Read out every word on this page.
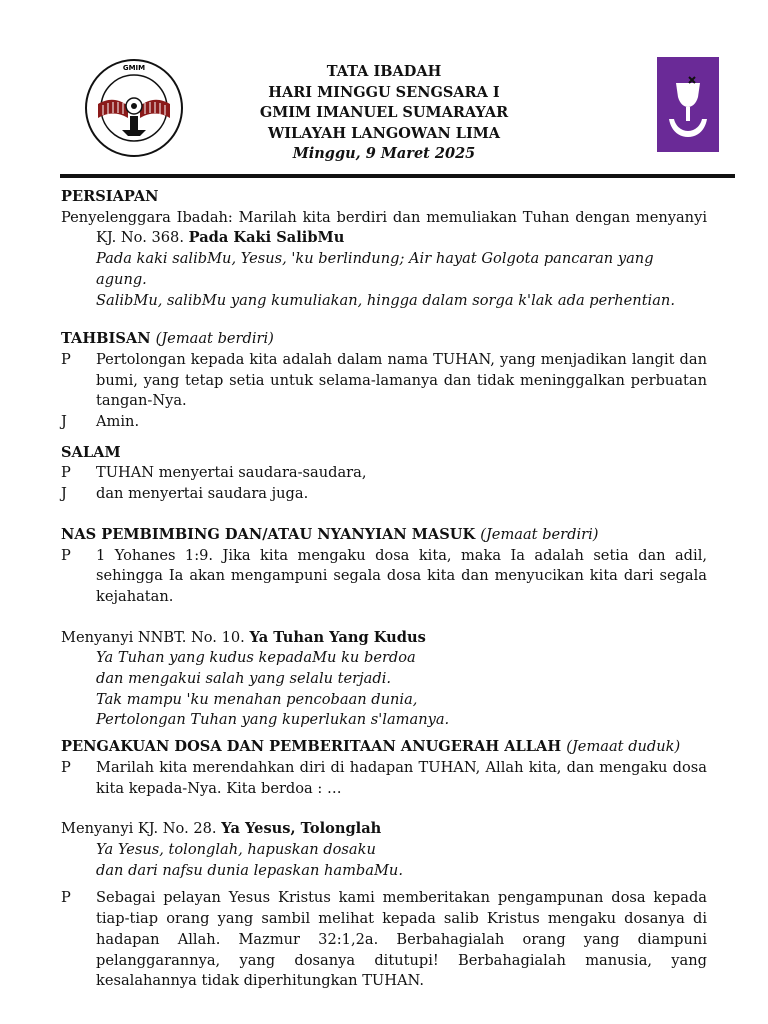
GMIM	TATA IBADAH
HARI MINGGU SENGSARA I
GMIM IMANUEL SUMARAYAR
WILAYAH LANGOWAN LIMA
Minggu, 9 Maret 2025
PERSIAPAN
Penyelenggara Ibadah: Marilah kita berdiri dan memuliakan Tuhan dengan menyanyi KJ. No. 368. Pada Kaki SalibMu
Pada kaki salibMu, Yesus, 'ku berlindung; Air hayat Golgota pancaran yang agung.
SalibMu, salibMu yang kumuliakan, hingga dalam sorga k'lak ada perhentian.
TAHBISAN (Jemaat berdiri)
P	Pertolongan kepada kita adalah dalam nama TUHAN, yang menjadikan langit dan bumi, yang tetap setia untuk selama-lamanya dan tidak meninggalkan perbuatan tangan-Nya.
J	Amin.
SALAM
P	TUHAN menyertai saudara-saudara,
J	dan menyertai saudara juga.
NAS PEMBIMBING DAN/ATAU NYANYIAN MASUK (Jemaat berdiri)
P	1 Yohanes 1:9. Jika kita mengaku dosa kita, maka Ia adalah setia dan adil, sehingga Ia akan mengampuni segala dosa kita dan menyucikan kita dari segala kejahatan.
Menyanyi NNBT. No. 10. Ya Tuhan Yang Kudus
Ya Tuhan yang kudus kepadaMu ku berdoa
dan mengakui salah yang selalu terjadi.
Tak mampu 'ku menahan pencobaan dunia,
Pertolongan Tuhan yang kuperlukan s'lamanya.
PENGAKUAN DOSA DAN PEMBERITAAN ANUGERAH ALLAH (Jemaat duduk)
P	Marilah kita merendahkan diri di hadapan TUHAN, Allah kita, dan mengaku dosa kita kepada-Nya. Kita berdoa : …
Menyanyi KJ. No. 28. Ya Yesus, Tolonglah
Ya Yesus, tolonglah, hapuskan dosaku
dan dari nafsu dunia lepaskan hambaMu.
P	Sebagai pelayan Yesus Kristus kami memberitakan pengampunan dosa kepada tiap-tiap orang yang sambil melihat kepada salib Kristus mengaku dosanya di hadapan Allah. Mazmur 32:1,2a. Berbahagialah orang yang diampuni pelanggarannya, yang dosanya ditutupi! Berbahagialah manusia, yang kesalahannya tidak diperhitungkan TUHAN.
